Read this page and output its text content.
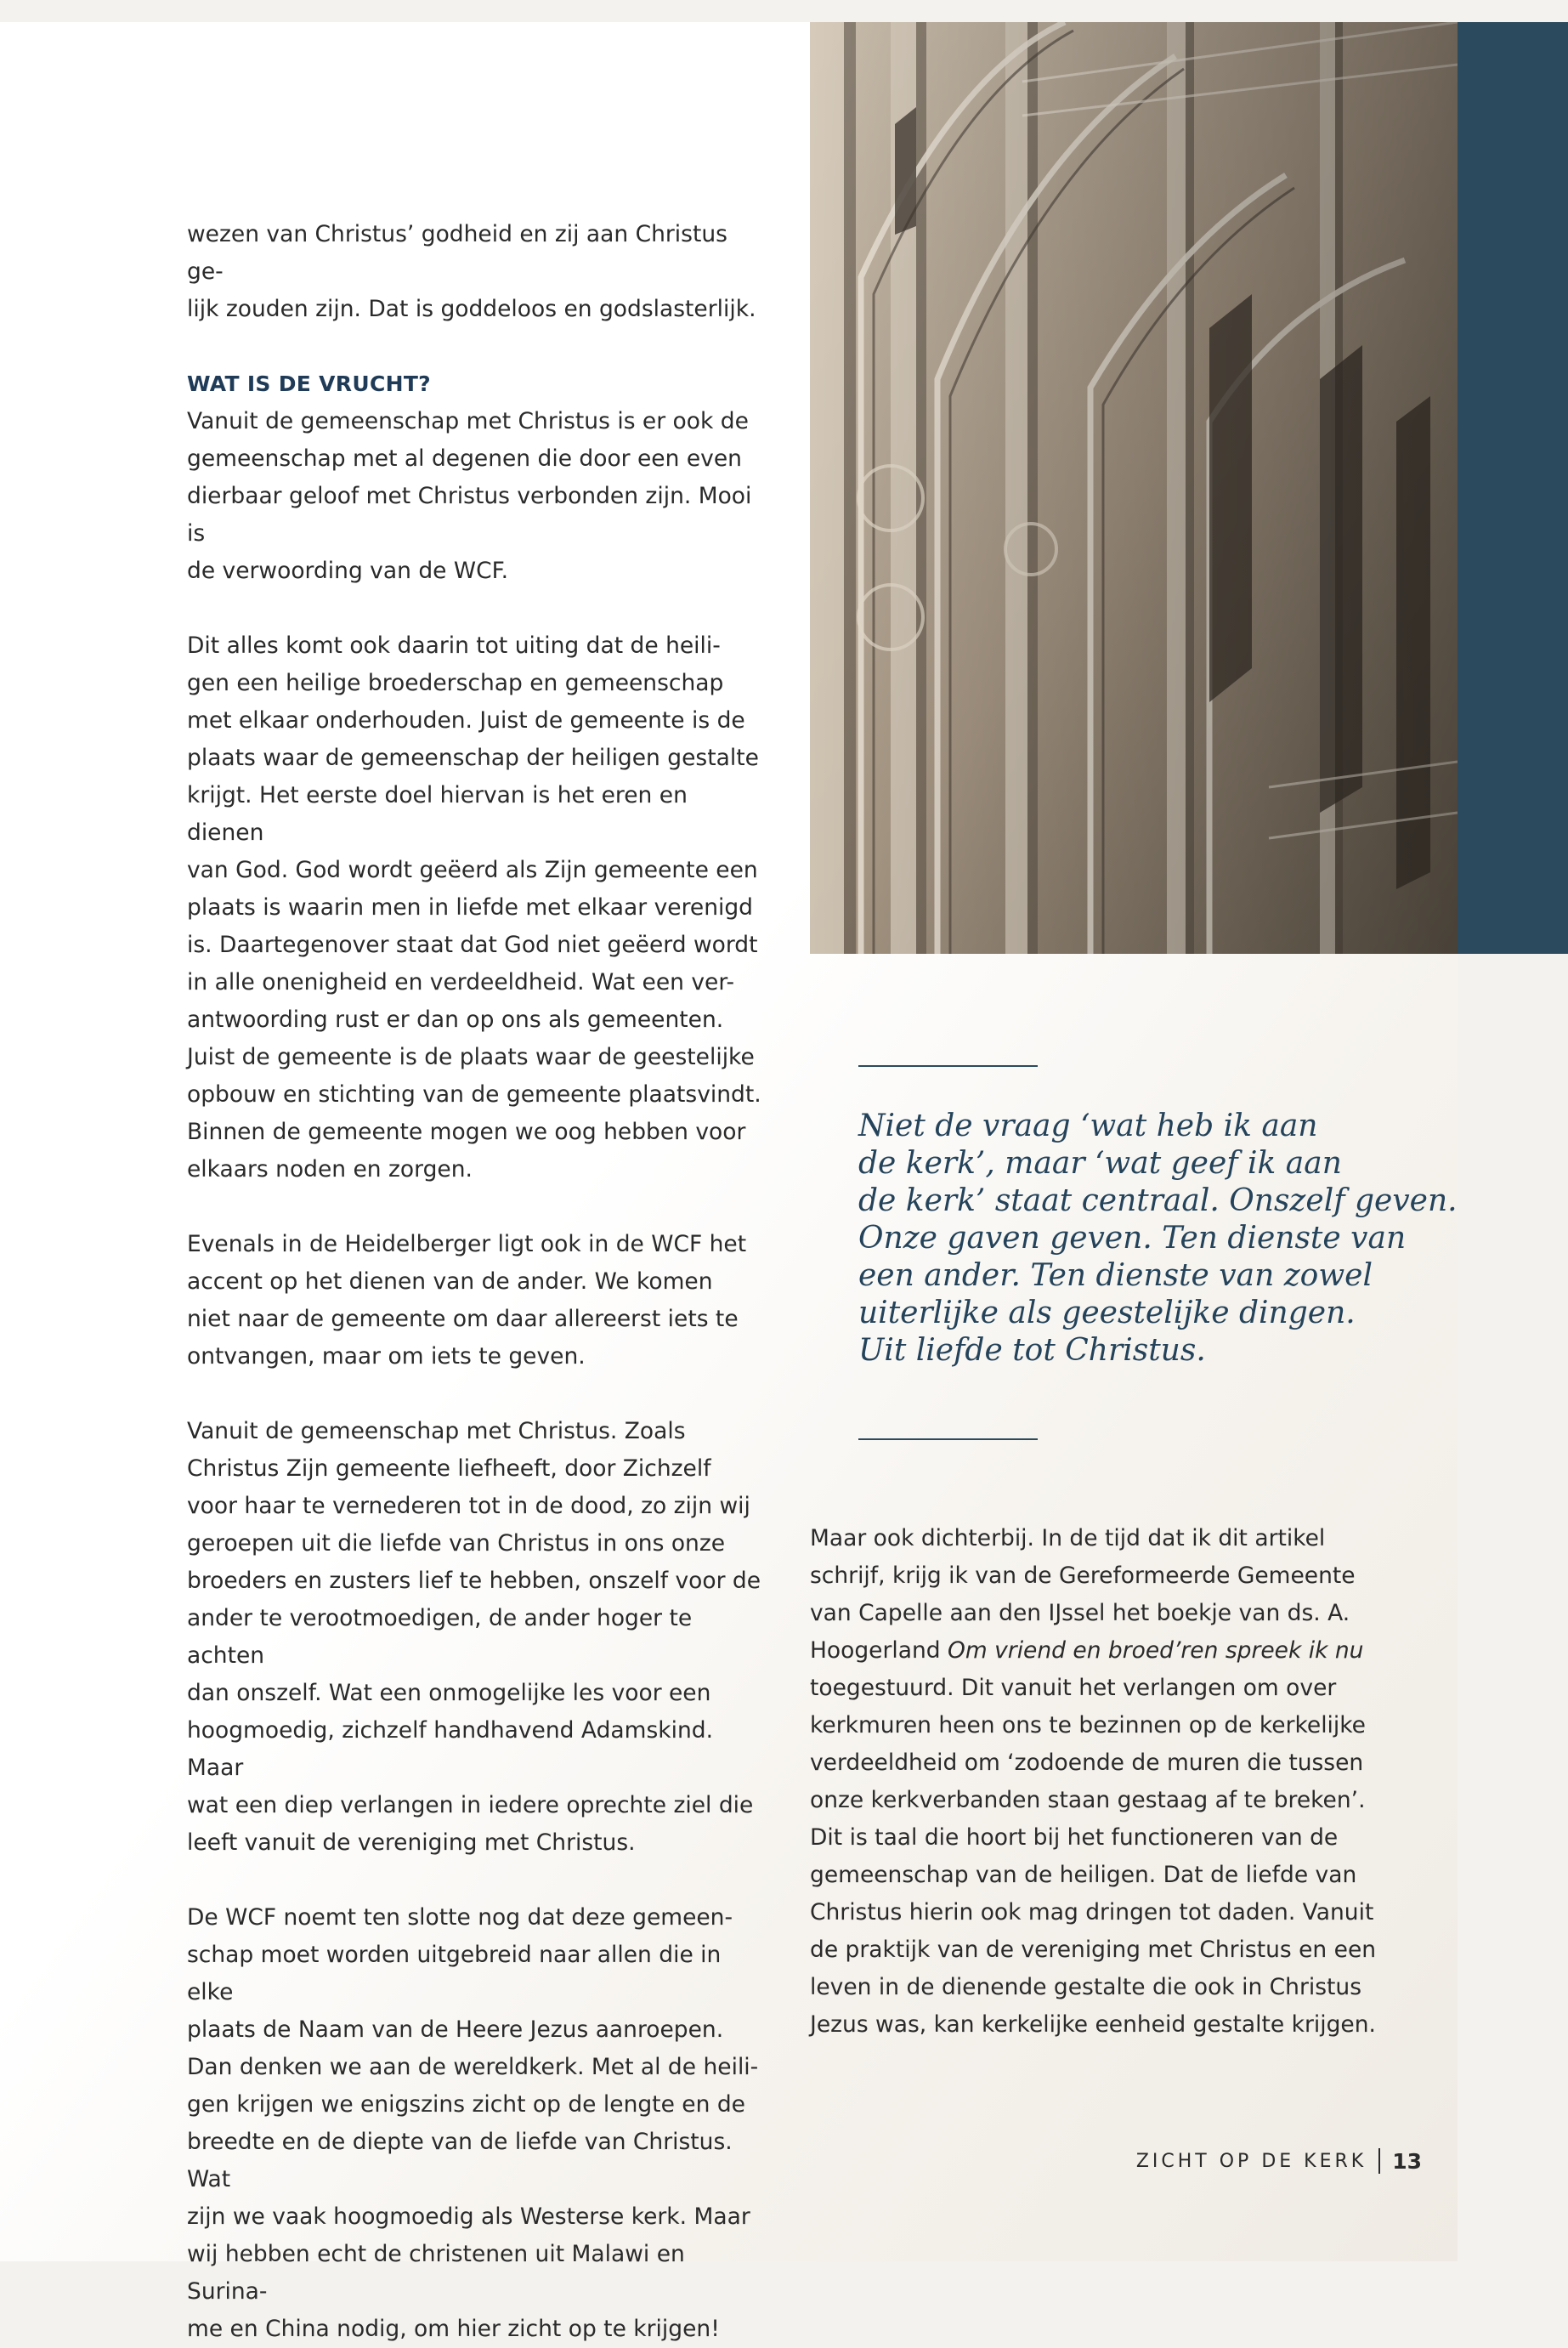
wezen van Christus’ godheid en zij aan Christus ge-
lijk zouden zijn. Dat is goddeloos en godslasterlijk.

WAT IS DE VRUCHT?

Vanuit de gemeenschap met Christus is er ook de
gemeenschap met al degenen die door een even
dierbaar geloof met Christus verbonden zijn. Mooi is
de verwoording van de WCF.

Dit alles komt ook daarin tot uiting dat de heili-
gen een heilige broederschap en gemeenschap
met elkaar onderhouden. Juist de gemeente is de
plaats waar de gemeenschap der heiligen gestalte
krijgt. Het eerste doel hiervan is het eren en dienen
van God. God wordt geëerd als Zijn gemeente een
plaats is waarin men in liefde met elkaar verenigd
is. Daartegenover staat dat God niet geëerd wordt
in alle onenigheid en verdeeldheid. Wat een ver-
antwoording rust er dan op ons als gemeenten.
Juist de gemeente is de plaats waar de geestelijke
opbouw en stichting van de gemeente plaatsvindt.
Binnen de gemeente mogen we oog hebben voor
elkaars noden en zorgen.

Evenals in de Heidelberger ligt ook in de WCF het
accent op het dienen van de ander. We komen
niet naar de gemeente om daar allereerst iets te
ontvangen, maar om iets te geven.

Vanuit de gemeenschap met Christus. Zoals
Christus Zijn gemeente liefheeft, door Zichzelf
voor haar te vernederen tot in de dood, zo zijn wij
geroepen uit die liefde van Christus in ons onze
broeders en zusters lief te hebben, onszelf voor de
ander te verootmoedigen, de ander hoger te achten
dan onszelf. Wat een onmogelijke les voor een
hoogmoedig, zichzelf handhavend Adamskind. Maar
wat een diep verlangen in iedere oprechte ziel die
leeft vanuit de vereniging met Christus.

De WCF noemt ten slotte nog dat deze gemeen-
schap moet worden uitgebreid naar allen die in elke
plaats de Naam van de Heere Jezus aanroepen.
Dan denken we aan de wereldkerk. Met al de heili-
gen krijgen we enigszins zicht op de lengte en de
breedte en de diepte van de liefde van Christus. Wat
zijn we vaak hoogmoedig als Westerse kerk. Maar
wij hebben echt de christenen uit Malawi en Surina-
me en China nodig, om hier zicht op te krijgen!

Niet de vraag ‘wat heb ik aan
de kerk’, maar ‘wat geef ik aan
de kerk’ staat centraal. Onszelf geven.
Onze gaven geven. Ten dienste van
een ander. Ten dienste van zowel
uiterlijke als geestelijke dingen.
Uit liefde tot Christus.

Maar ook dichterbij. In de tijd dat ik dit artikel
schrijf, krijg ik van de Gereformeerde Gemeente
van Capelle aan den IJssel het boekje van ds. A.
Hoogerland Om vriend en broed’ren spreek ik nu
toegestuurd. Dit vanuit het verlangen om over
kerkmuren heen ons te bezinnen op de kerkelijke
verdeeldheid om ‘zodoende de muren die tussen
onze kerkverbanden staan gestaag af te breken’.
Dit is taal die hoort bij het functioneren van de
gemeenschap van de heiligen. Dat de liefde van
Christus hierin ook mag dringen tot daden. Vanuit
de praktijk van de vereniging met Christus en een
leven in de dienende gestalte die ook in Christus
Jezus was, kan kerkelijke eenheid gestalte krijgen.

ZICHT OP DE KERK 13
